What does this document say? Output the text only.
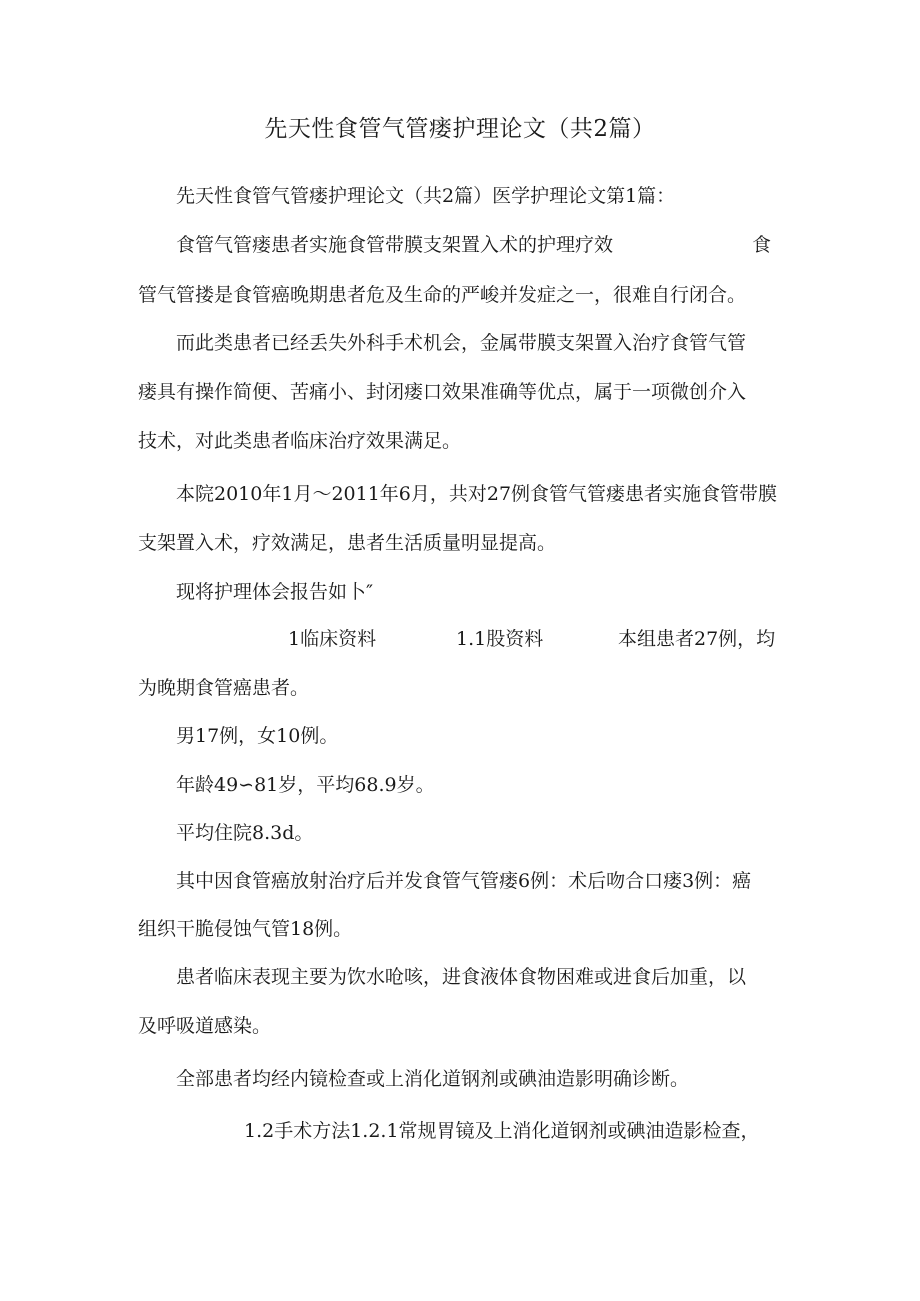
先天性食管气管瘘护理论文（共2篇）
先天性食管气管瘘护理论文（共2篇）医学护理论文第1篇：
食管气管瘘患者实施食管带膜支架置入术的护理疗效	食
管气管搂是食管癌晚期患者危及生命的严峻并发症之一，很难自行闭合。
而此类患者已经丢失外科手术机会，金属带膜支架置入治疗食管气管
瘘具有操作简便、苦痛小、封闭瘘口效果准确等优点，属于一项微创介入
技术，对此类患者临床治疗效果满足。
本院2010年1月～2011年6月，共对27例食管气管瘘患者实施食管带膜
支架置入术，疗效满足，患者生活质量明显提高。
现将护理体会报告如卜″
1临床资料	1.1股资料	本组患者27例，均
为晚期食管癌患者。
男17例，女10例。
年龄49∽81岁，平均68.9岁。
平均住院8.3d。
其中因食管癌放射治疗后并发食管气管瘘6例：术后吻合口瘘3例：癌
组织干脆侵蚀气管18例。
患者临床表现主要为饮水呛咳，进食液体食物困难或进食后加重，以
及呼吸道感染。
全部患者均经内镜检查或上消化道钢剂或碘油造影明确诊断。
1.2手术方法1.2.1常规胃镜及上消化道钢剂或碘油造影检查，
